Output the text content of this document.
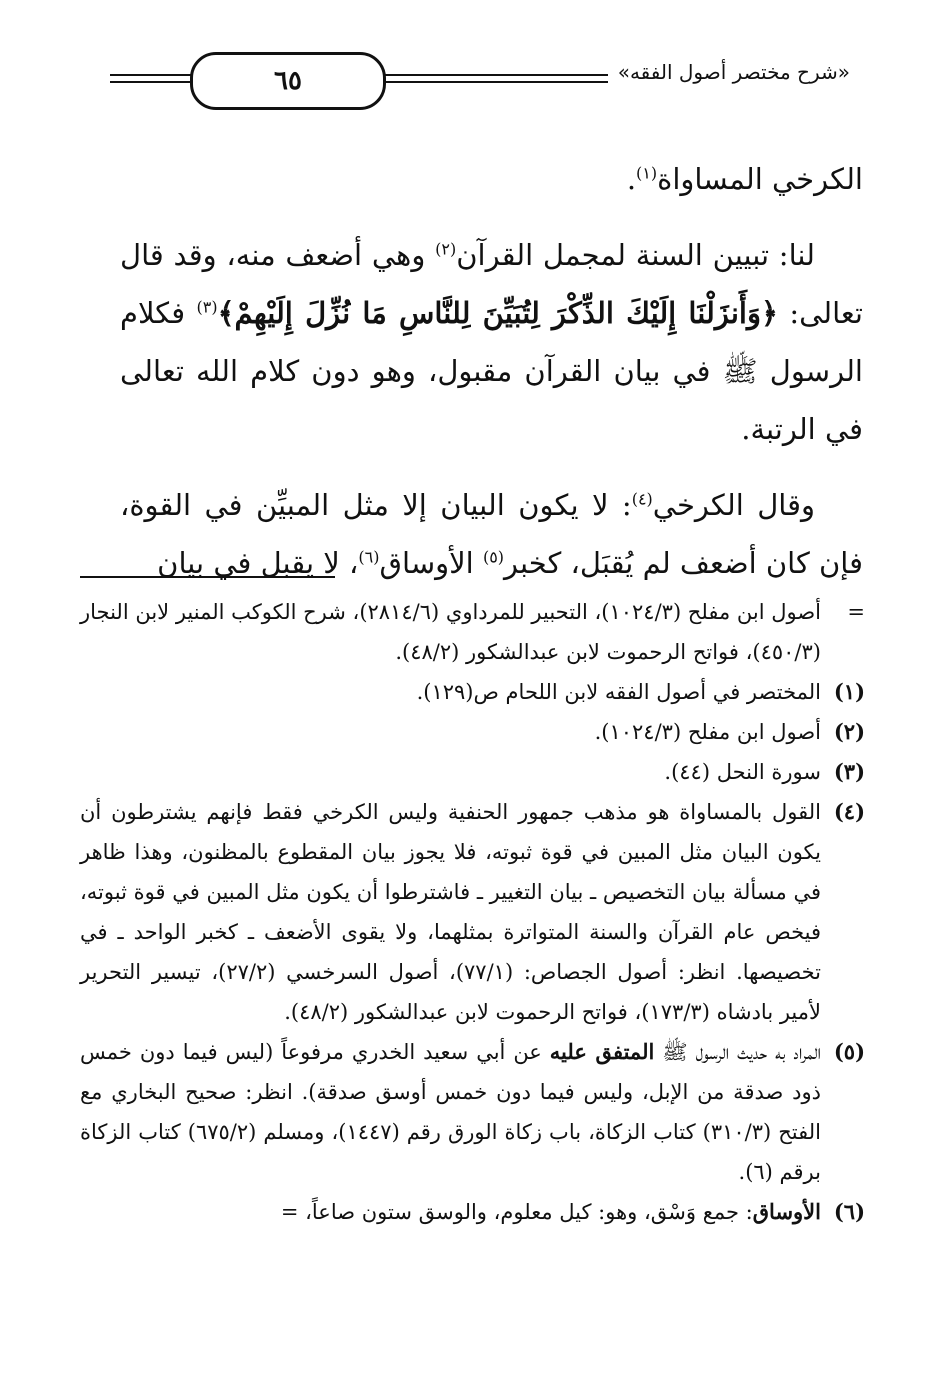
٦٥	«شرح مختصر أصول الفقه»

الكرخي المساواة$^{(١)}$.

لنا: تبيين السنة لمجمل القرآن$^{(٢)}$ وهي أضعف منه، وقد قال تعالى: ﴿وَأَنزَلْنَا إِلَيْكَ الذِّكْرَ لِتُبَيِّنَ لِلنَّاسِ مَا نُزِّلَ إِلَيْهِمْ﴾$^{(٣)}$ فكلام الرسول ﷺ في بيان القرآن مقبول، وهو دون كلام الله تعالى في الرتبة.

وقال الكرخي$^{(٤)}$: لا يكون البيان إلا مثل المبيِّن في القوة، فإن كان أضعف لم يُقبَل، كخبر$^{(٥)}$ الأوساق$^{(٦)}$، لا يقبل في بيان

=
أصول ابن مفلح (١٠٢٤/٣)، التحبير للمرداوي (٢٨١٤/٦)، شرح الكوكب المنير لابن النجار (٤٥٠/٣)، فواتح الرحموت لابن عبدالشكور (٤٨/٢).
(١)
المختصر في أصول الفقه لابن اللحام ص(١٢٩).
(٢)
أصول ابن مفلح (١٠٢٤/٣).
(٣)
سورة النحل (٤٤).
(٤)
القول بالمساواة هو مذهب جمهور الحنفية وليس الكرخي فقط فإنهم يشترطون أن يكون البيان مثل المبين في قوة ثبوته، فلا يجوز بيان المقطوع بالمظنون، وهذا ظاهر في مسألة بيان التخصيص ـ بيان التغيير ـ فاشترطوا أن يكون مثل المبين في قوة ثبوته، فيخص عام القرآن والسنة المتواترة بمثلهما، ولا يقوى الأضعف ـ كخبر الواحد ـ في تخصيصها. انظر: أصول الجصاص: (٧٧/١)، أصول السرخسي (٢٧/٢)، تيسير التحرير لأمير بادشاه (١٧٣/٣)، فواتح الرحموت لابن عبدالشكور (٤٨/٢).
(٥)
المراد به حديث الرسول ﷺ المتفق عليه عن أبي سعيد الخدري مرفوعاً (ليس فيما دون خمس ذود صدقة من الإبل، وليس فيما دون خمس أوسق صدقة). انظر: صحيح البخاري مع الفتح (٣١٠/٣) كتاب الزكاة، باب زكاة الورق رقم (١٤٤٧)، ومسلم (٦٧٥/٢) كتاب الزكاة برقم (٦).
(٦)
الأوساق: جمع وَسْق، وهو: كيل معلوم، والوسق ستون صاعاً، =
